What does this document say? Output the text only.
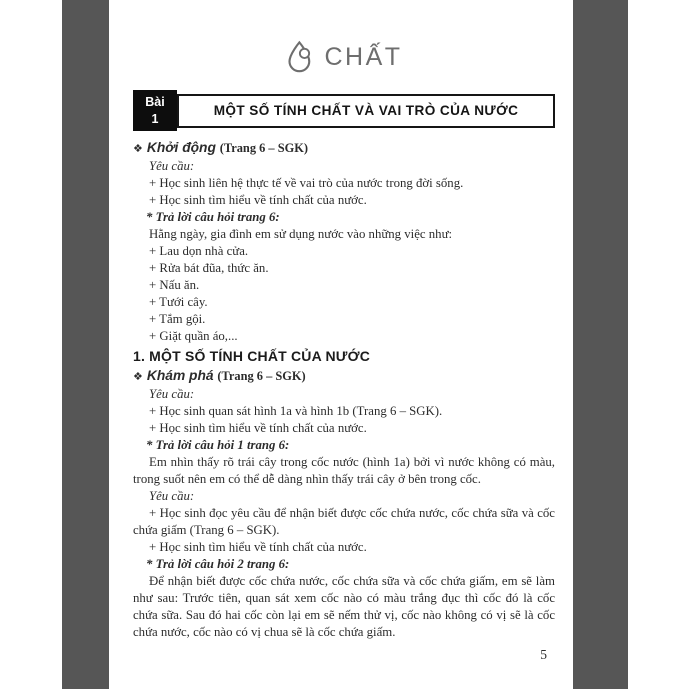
CHẤT
Bài
1
MỘT SỐ TÍNH CHẤT VÀ VAI TRÒ CỦA NƯỚC

❖ Khởi động (Trang 6 – SGK)

Yêu cầu:

+ Học sinh liên hệ thực tế về vai trò của nước trong đời sống.

+ Học sinh tìm hiểu về tính chất của nước.

* Trả lời câu hỏi trang 6:

Hằng ngày, gia đình em sử dụng nước vào những việc như:

+ Lau dọn nhà cửa.

+ Rửa bát đũa, thức ăn.

+ Nấu ăn.

+ Tưới cây.

+ Tắm gội.

+ Giặt quần áo,...

1. MỘT SỐ TÍNH CHẤT CỦA NƯỚC

❖ Khám phá (Trang 6 – SGK)

Yêu cầu:

+ Học sinh quan sát hình 1a và hình 1b (Trang 6 – SGK).

+ Học sinh tìm hiểu về tính chất của nước.

* Trả lời câu hỏi 1 trang 6:

Em nhìn thấy rõ trái cây trong cốc nước (hình 1a) bởi vì nước không có màu, trong suốt nên em có thể dễ dàng nhìn thấy trái cây ở bên trong cốc.

Yêu cầu:

+ Học sinh đọc yêu cầu để nhận biết được cốc chứa nước, cốc chứa sữa và cốc chứa giấm (Trang 6 – SGK).

+ Học sinh tìm hiểu về tính chất của nước.

* Trả lời câu hỏi 2 trang 6:

Để nhận biết được cốc chứa nước, cốc chứa sữa và cốc chứa giấm, em sẽ làm như sau: Trước tiên, quan sát xem cốc nào có màu trắng đục thì cốc đó là cốc chứa sữa. Sau đó hai cốc còn lại em sẽ nếm thử vị, cốc nào không có vị sẽ là cốc chứa nước, cốc nào có vị chua sẽ là cốc chứa giấm.

5
